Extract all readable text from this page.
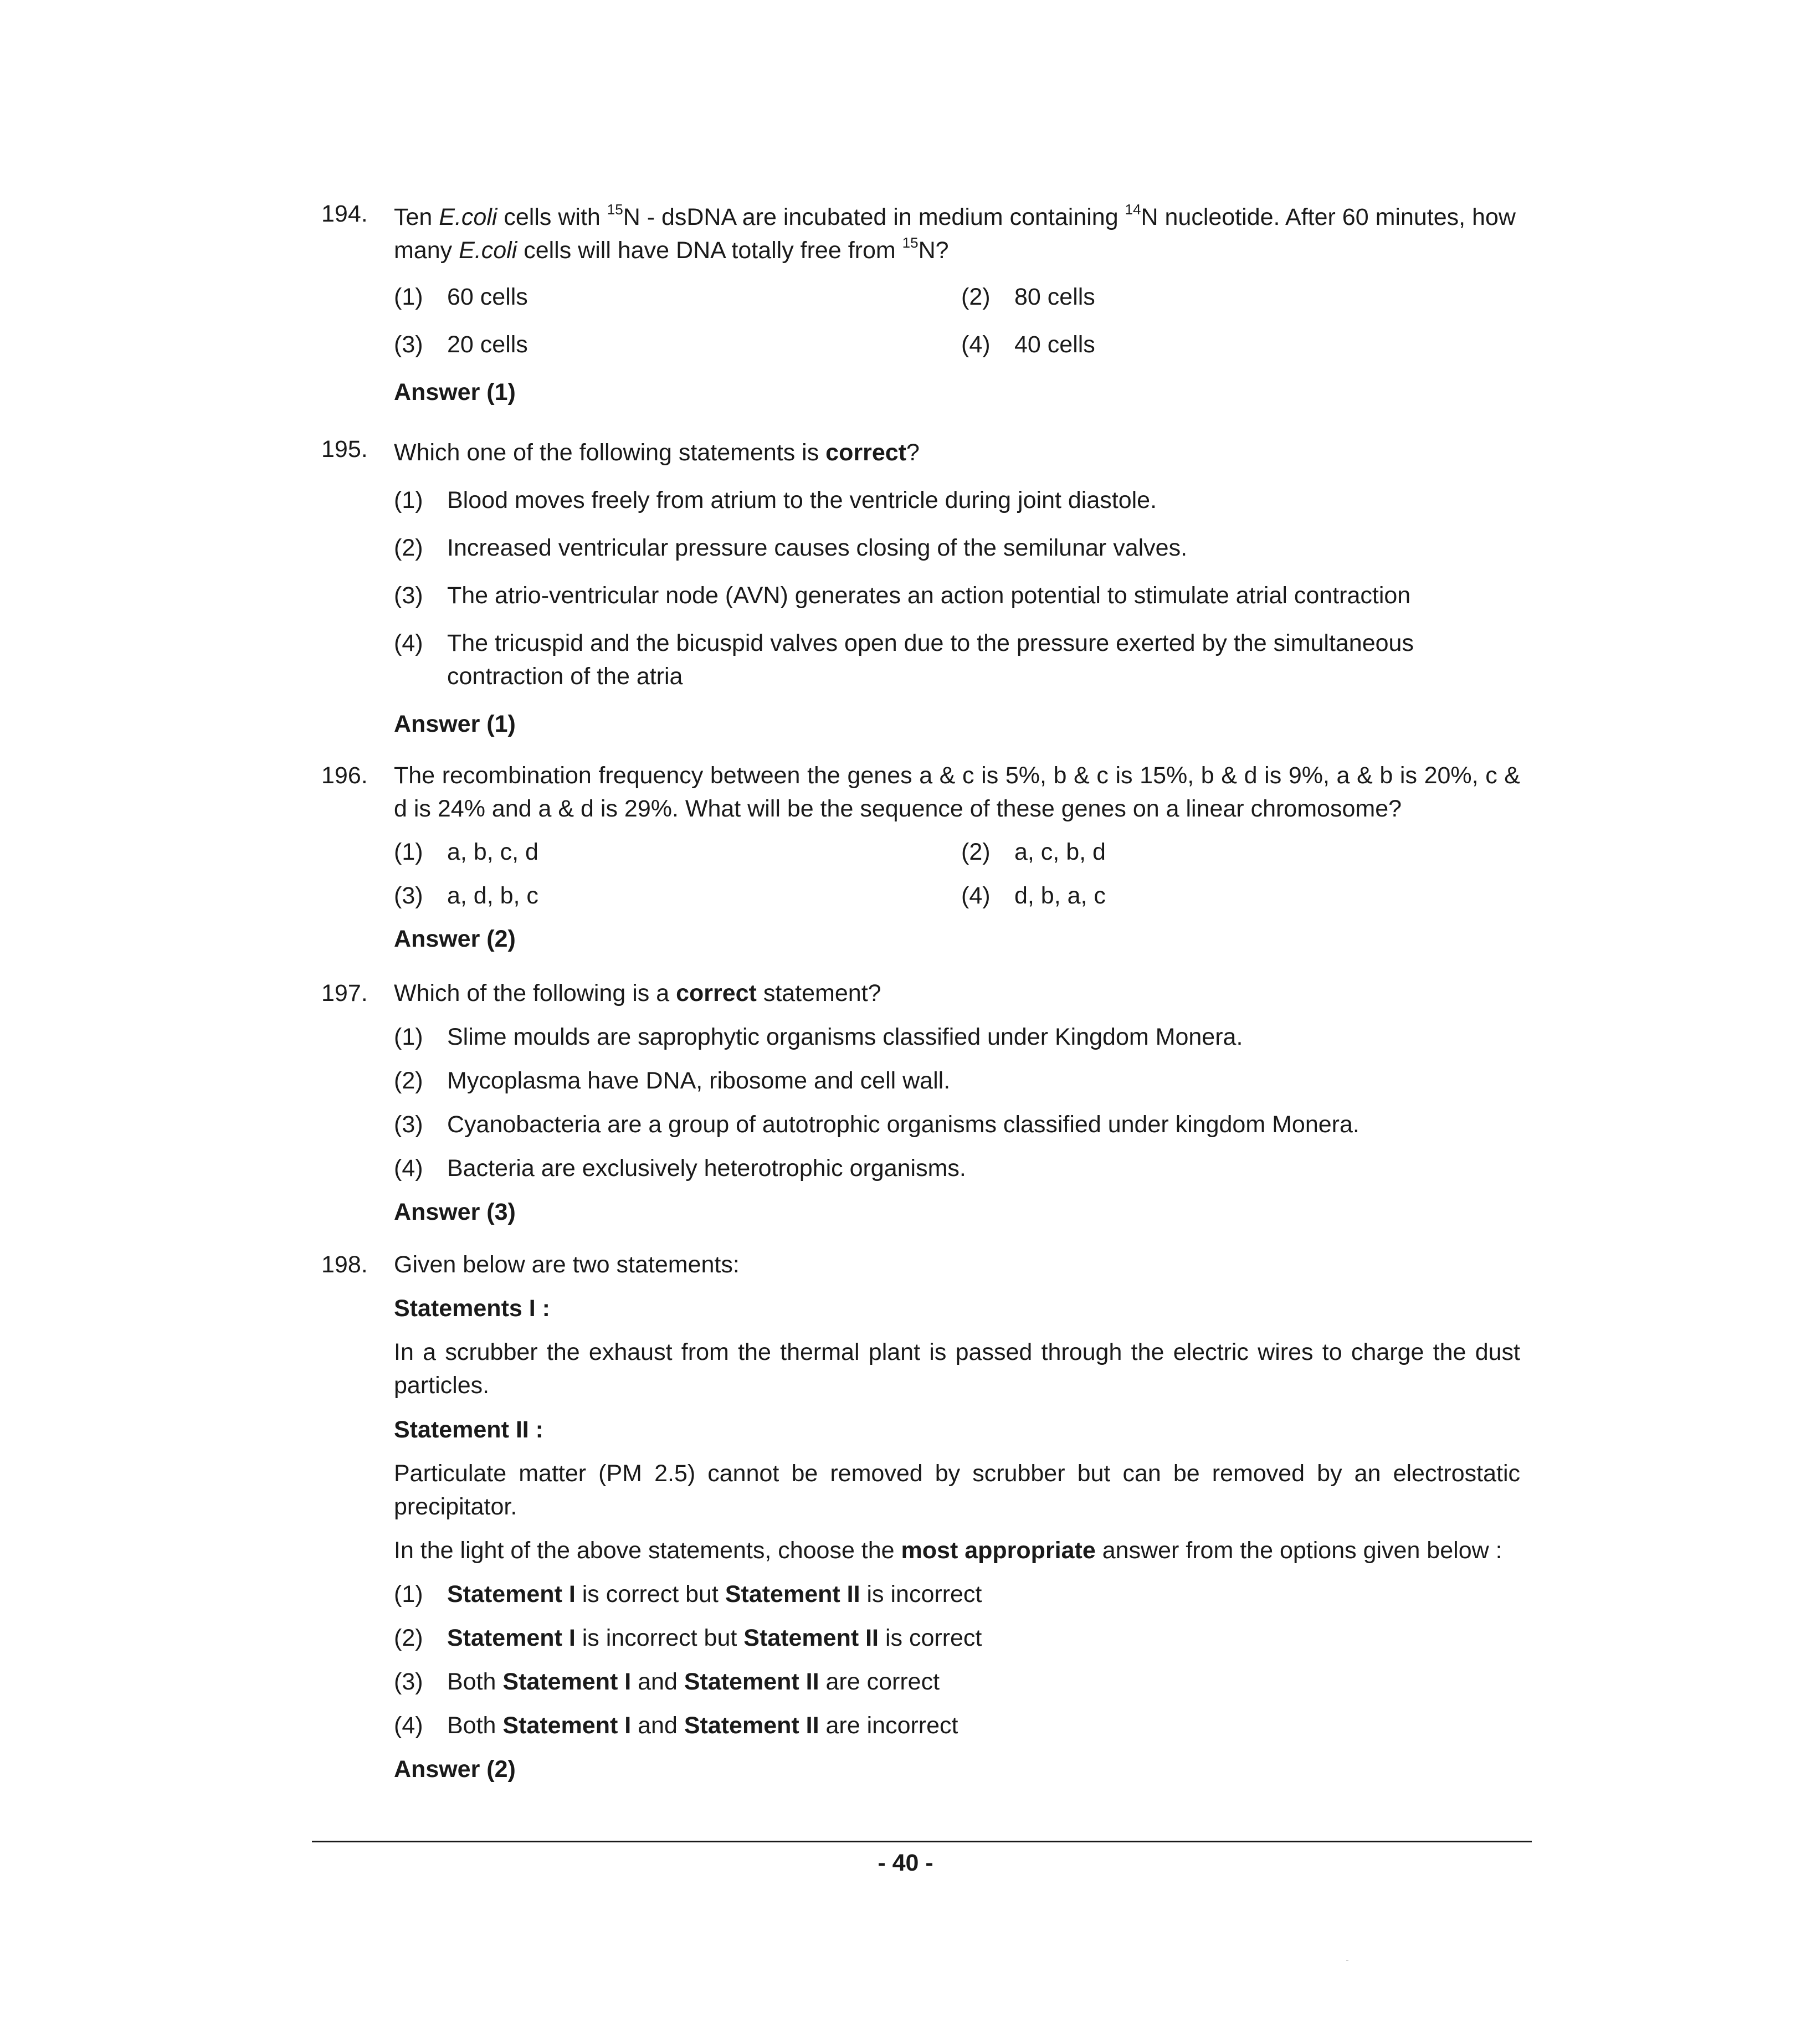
194. Ten E.coli cells with $^{15}$N - dsDNA are incubated in medium containing $^{14}$N nucleotide. After 60 minutes, how many E.coli cells will have DNA totally free from $^{15}$N?
(1) 60 cells	(2) 80 cells
(3) 20 cells	(4) 40 cells
Answer (1)
195. Which one of the following statements is correct?
(1) Blood moves freely from atrium to the ventricle during joint diastole.
(2) Increased ventricular pressure causes closing of the semilunar valves.
(3) The atrio-ventricular node (AVN) generates an action potential to stimulate atrial contraction
(4) The tricuspid and the bicuspid valves open due to the pressure exerted by the simultaneous contraction of the atria
Answer (1)
196. The recombination frequency between the genes a & c is 5%, b & c is 15%, b & d is 9%, a & b is 20%, c & d is 24% and a & d is 29%. What will be the sequence of these genes on a linear chromosome?
(1) a, b, c, d	(2) a, c, b, d
(3) a, d, b, c	(4) d, b, a, c
Answer (2)
197. Which of the following is a correct statement?
(1) Slime moulds are saprophytic organisms classified under Kingdom Monera.
(2) Mycoplasma have DNA, ribosome and cell wall.
(3) Cyanobacteria are a group of autotrophic organisms classified under kingdom Monera.
(4) Bacteria are exclusively heterotrophic organisms.
Answer (3)
198. Given below are two statements:
Statements I :
In a scrubber the exhaust from the thermal plant is passed through the electric wires to charge the dust particles.
Statement II :
Particulate matter (PM 2.5) cannot be removed by scrubber but can be removed by an electrostatic precipitator.
In the light of the above statements, choose the most appropriate answer from the options given below :
(1) Statement I is correct but Statement II is incorrect
(2) Statement I is incorrect but Statement II is correct
(3) Both Statement I and Statement II are correct
(4) Both Statement I and Statement II are incorrect
Answer (2)
- 40 -
